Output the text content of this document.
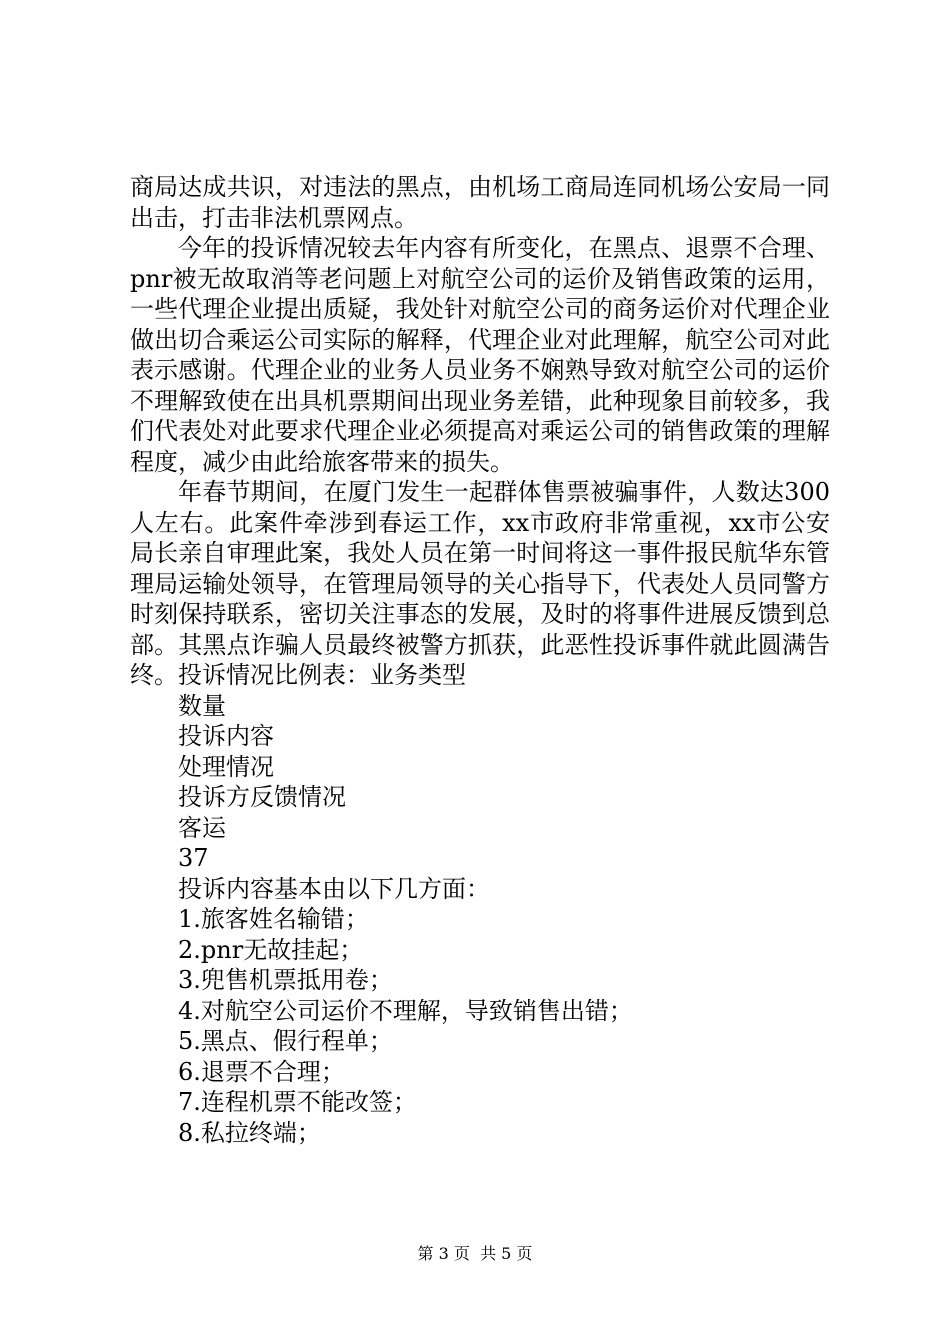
商局达成共识，对违法的黑点，由机场工商局连同机场公安局一同出击，打击非法机票网点。

今年的投诉情况较去年内容有所变化，在黑点、退票不合理、pnr被无故取消等老问题上对航空公司的运价及销售政策的运用，一些代理企业提出质疑，我处针对航空公司的商务运价对代理企业做出切合乘运公司实际的解释，代理企业对此理解，航空公司对此表示感谢。代理企业的业务人员业务不娴熟导致对航空公司的运价不理解致使在出具机票期间出现业务差错，此种现象目前较多，我们代表处对此要求代理企业必须提高对乘运公司的销售政策的理解程度，减少由此给旅客带来的损失。

年春节期间，在厦门发生一起群体售票被骗事件，人数达300人左右。此案件牵涉到春运工作，xx市政府非常重视，xx市公安局长亲自审理此案，我处人员在第一时间将这一事件报民航华东管理局运输处领导，在管理局领导的关心指导下，代表处人员同警方时刻保持联系，密切关注事态的发展，及时的将事件进展反馈到总部。其黑点诈骗人员最终被警方抓获，此恶性投诉事件就此圆满告终。投诉情况比例表：业务类型

数量
投诉内容
处理情况
投诉方反馈情况
客运
37
投诉内容基本由以下几方面：
1.旅客姓名输错；
2.pnr无故挂起；
3.兜售机票抵用卷；
4.对航空公司运价不理解，导致销售出错；
5.黑点、假行程单；
6.退票不合理；
7.连程机票不能改签；
8.私拉终端；
第 3 页  共 5 页
